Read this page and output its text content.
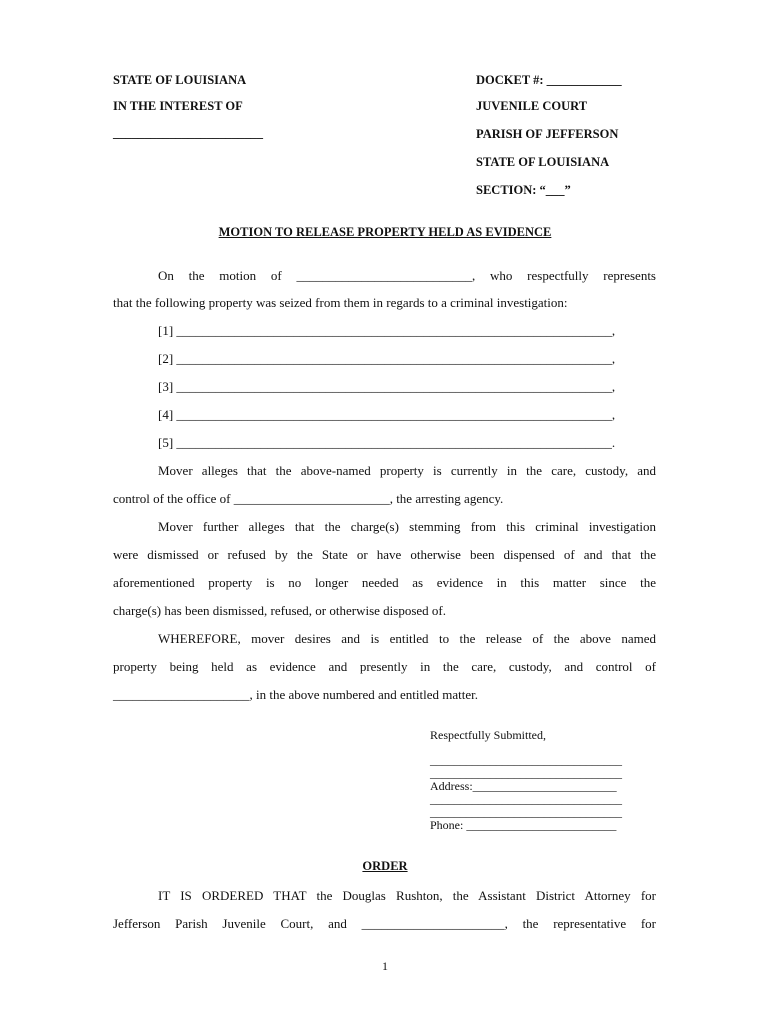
STATE OF LOUISIANA
IN THE INTEREST OF
________________________
DOCKET #: ____________
JUVENILE COURT
PARISH OF JEFFERSON
STATE OF LOUISIANA
SECTION: “___”
MOTION TO RELEASE PROPERTY HELD AS EVIDENCE
On the motion of ___________________________, who respectfully represents
that the following property was seized from them in regards to a criminal investigation:
[1] ___________________________________________________________________,
[2] ___________________________________________________________________,
[3] ___________________________________________________________________,
[4] ___________________________________________________________________,
[5] ___________________________________________________________________.
Mover alleges that the above-named property is currently in the care, custody, and
control of the office of ________________________, the arresting agency.
Mover further alleges that the charge(s) stemming from this criminal investigation
were dismissed or refused by the State or have otherwise been dispensed of and that the
aforementioned property is no longer needed as evidence in this matter since the
charge(s) has been dismissed, refused, or otherwise disposed of.
WHEREFORE, mover desires and is entitled to the release of the above named
property being held as evidence and presently in the care, custody, and control of
_____________________, in the above numbered and entitled matter.
Respectfully Submitted,
________________________________
________________________________
Address:________________________
________________________________
________________________________
Phone: _________________________
ORDER
IT IS ORDERED THAT the Douglas Rushton, the Assistant District Attorney for
Jefferson Parish Juvenile Court, and ______________________, the representative for
1
